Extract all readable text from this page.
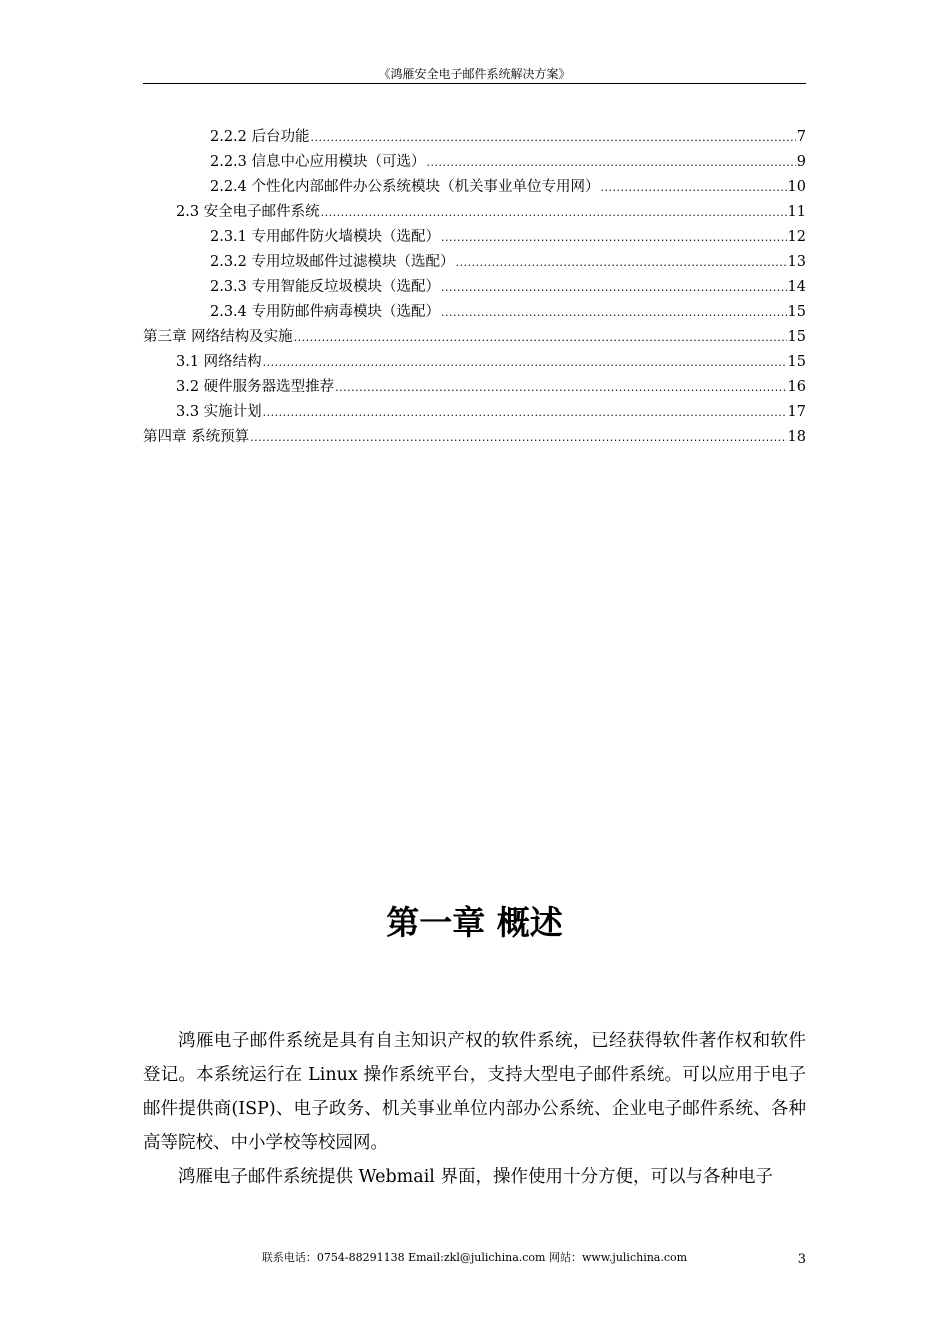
《鸿雁安全电子邮件系统解决方案》
2.2.2 后台功能 .....	7
2.2.3 信息中心应用模块（可选） .....	9
2.2.4 个性化内部邮件办公系统模块（机关事业单位专用网） .....	10
2.3 安全电子邮件系统 .....	11
2.3.1 专用邮件防火墙模块（选配） .....	12
2.3.2 专用垃圾邮件过滤模块（选配） .....	13
2.3.3 专用智能反垃圾模块（选配） .....	14
2.3.4 专用防邮件病毒模块（选配） .....	15
第三章 网络结构及实施 .....	15
3.1 网络结构 .....	15
3.2 硬件服务器选型推荐 .....	16
3.3 实施计划 .....	17
第四章 系统预算 .....	18
第一章 概述

鸿雁电子邮件系统是具有自主知识产权的软件系统，已经获得软件著作权和软件登记。本系统运行在 Linux 操作系统平台，支持大型电子邮件系统。可以应用于电子邮件提供商(ISP)、电子政务、机关事业单位内部办公系统、企业电子邮件系统、各种高等院校、中小学校等校园网。

鸿雁电子邮件系统提供 Webmail 界面，操作使用十分方便，可以与各种电子

联系电话：0754-88291138 Email:zkl@julichina.com 网站：www.julichina.com	3
